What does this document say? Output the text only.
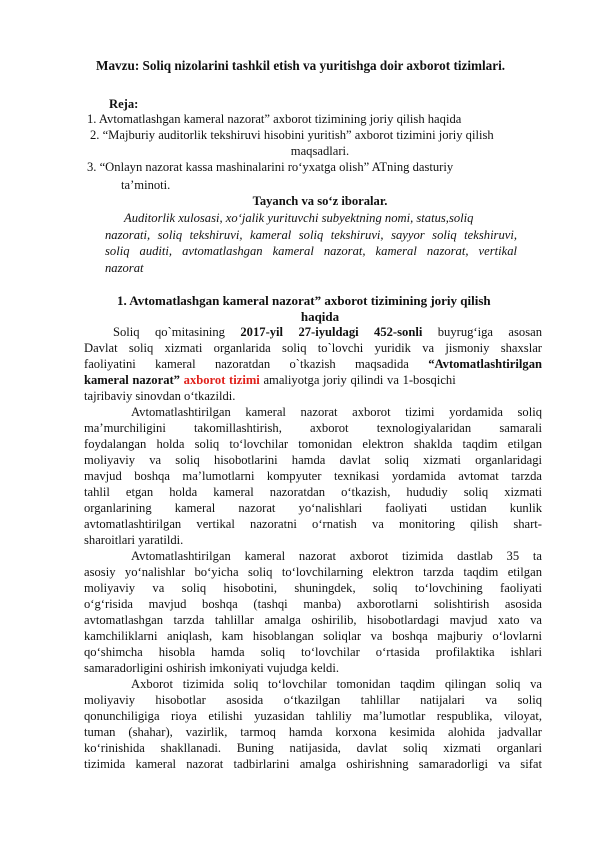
Mavzu: Soliq nizolarini tashkil etish va yuritishga doir axborot tizimlari.
Reja:
1. Avtomatlashgan kameral nazorat” axborot tizimining joriy qilish haqida
2. “Majburiy auditorlik tekshiruvi hisobini yuritish” axborot tizimini joriy qilish
maqsadlari.
3. “Onlayn nazorat kassa mashinalarini ro‘yxatga olish” ATning dasturiy
ta’minoti.
Tayanch va so‘z iboralar.
Auditorlik xulosasi, xo‘jalik yurituvchi subyektning nomi, status,soliq
nazorati, soliq tekshiruvi, kameral soliq tekshiruvi, sayyor soliq tekshiruvi,
soliq auditi, avtomatlashgan kameral nazorat, kameral nazorat, vertikal
nazorat
1. Avtomatlashgan kameral nazorat” axborot tizimining joriy qilish
haqida
Soliq qo`mitasining 2017-yil 27-iyuldagi 452-sonli buyrug‘iga asosan
Davlat soliq xizmati organlarida soliq to`lovchi yuridik va jismoniy shaxslar
faoliyatini kameral nazoratdan o`tkazish maqsadida “Avtomatlashtirilgan
kameral nazorat” axborot tizimi amaliyotga joriy qilindi va 1-bosqichi
tajribaviy sinovdan o‘tkazildi.
Avtomatlashtirilgan kameral nazorat axborot tizimi yordamida soliq
ma’murchiligini takomillashtirish, axborot texnologiyalaridan samarali
foydalangan holda soliq to‘lovchilar tomonidan elektron shaklda taqdim etilgan
moliyaviy va soliq hisobotlarini hamda davlat soliq xizmati organlaridagi
mavjud boshqa ma’lumotlarni kompyuter texnikasi yordamida avtomat tarzda
tahlil etgan holda kameral nazoratdan o‘tkazish, hududiy soliq xizmati
organlarining kameral nazorat yo‘nalishlari faoliyati ustidan kunlik
avtomatlashtirilgan vertikal nazoratni o‘rnatish va monitoring qilish shart-
sharoitlari yaratildi.
Avtomatlashtirilgan kameral nazorat axborot tizimida dastlab 35 ta
asosiy yo‘nalishlar bo‘yicha soliq to‘lovchilarning elektron tarzda taqdim etilgan
moliyaviy va soliq hisobotini, shuningdek, soliq to‘lovchining faoliyati
o‘g‘risida mavjud boshqa (tashqi manba) axborotlarni solishtirish asosida
avtomatlashgan tarzda tahlillar amalga oshirilib, hisobotlardagi mavjud xato va
kamchiliklarni aniqlash, kam hisoblangan soliqlar va boshqa majburiy o‘lovlarni
qo‘shimcha hisobla hamda soliq to‘lovchilar o‘rtasida profilaktika ishlari
samaradorligini oshirish imkoniyati vujudga keldi.
Axborot tizimida soliq to‘lovchilar tomonidan taqdim qilingan soliq va
moliyaviy hisobotlar asosida o‘tkazilgan tahlillar natijalari va soliq
qonunchiligiga rioya etilishi yuzasidan tahliliy ma’lumotlar respublika, viloyat,
tuman (shahar), vazirlik, tarmoq hamda korxona kesimida alohida jadvallar
ko‘rinishida shakllanadi. Buning natijasida, davlat soliq xizmati organlari
tizimida kameral nazorat tadbirlarini amalga oshirishning samaradorligi va sifat
